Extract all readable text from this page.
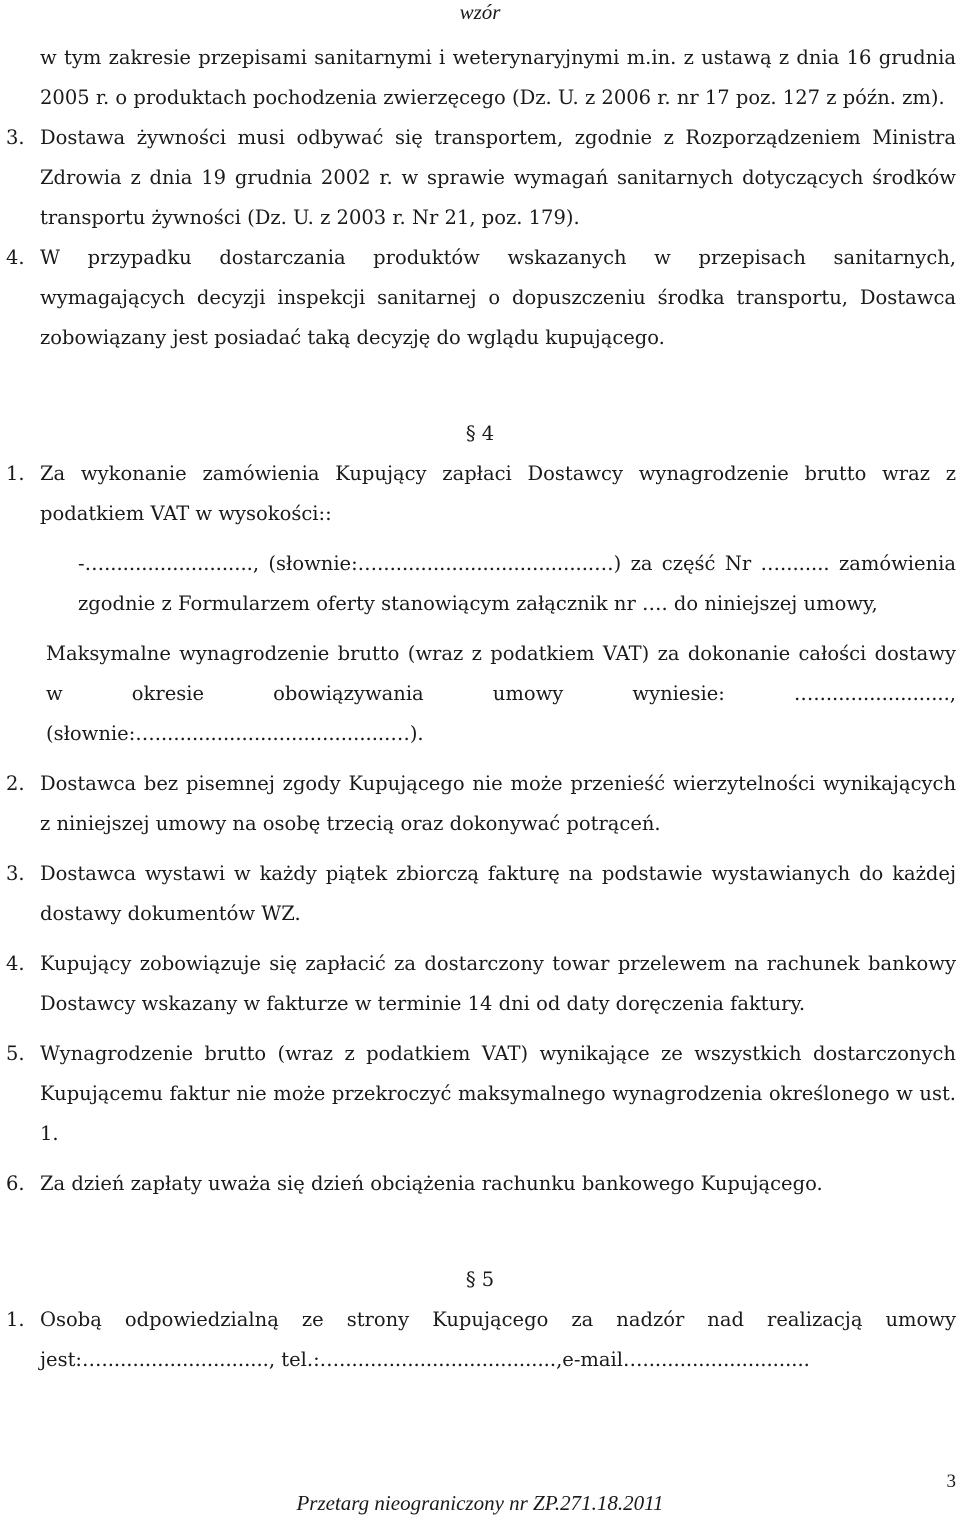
wzór

w tym zakresie przepisami sanitarnymi i weterynaryjnymi m.in. z ustawą z dnia 16 grudnia 2005 r. o produktach pochodzenia zwierzęcego (Dz. U. z 2006 r. nr 17 poz. 127 z późn. zm).

3. Dostawa żywności musi odbywać się transportem, zgodnie z Rozporządzeniem Ministra Zdrowia z dnia 19 grudnia 2002 r. w sprawie wymagań sanitarnych dotyczących środków transportu żywności (Dz. U. z 2003 r. Nr 21, poz. 179).
4. W przypadku dostarczania produktów wskazanych w przepisach sanitarnych, wymagających decyzji inspekcji sanitarnej o dopuszczeniu środka transportu, Dostawca zobowiązany jest posiadać taką decyzję do wglądu kupującego.

§ 4

1. Za wykonanie zamówienia Kupujący zapłaci Dostawcy wynagrodzenie brutto wraz z podatkiem VAT w wysokości::

-…........................, (słownie:…...................................…) za część Nr …........ zamówienia zgodnie z Formularzem oferty stanowiącym załącznik nr …. do niniejszej umowy,

Maksymalne wynagrodzenie brutto (wraz z podatkiem VAT) za dokonanie całości dostawy w okresie obowiązywania umowy wyniesie: …......................, (słownie:…......................................…).

2. Dostawca bez pisemnej zgody Kupującego nie może przenieść wierzytelności wynikających z niniejszej umowy na osobę trzecią oraz dokonywać potrąceń.
3. Dostawca wystawi w każdy piątek zbiorczą fakturę na podstawie wystawianych do każdej dostawy dokumentów WZ.
4. Kupujący zobowiązuje się zapłacić za dostarczony towar przelewem na rachunek bankowy Dostawcy wskazany w fakturze w terminie 14 dni od daty doręczenia faktury.
5. Wynagrodzenie brutto (wraz z podatkiem VAT) wynikające ze wszystkich dostarczonych Kupującemu faktur nie może przekroczyć maksymalnego wynagrodzenia określonego w ust. 1.
6. Za dzień zapłaty uważa się dzień obciążenia rachunku bankowego Kupującego.

§ 5

1. Osobą odpowiedzialną ze strony Kupującego za nadzór nad realizacją umowy jest:…..........................., tel.:…...................................,e-mail…...........................
3
Przetarg nieograniczony nr ZP.271.18.2011
